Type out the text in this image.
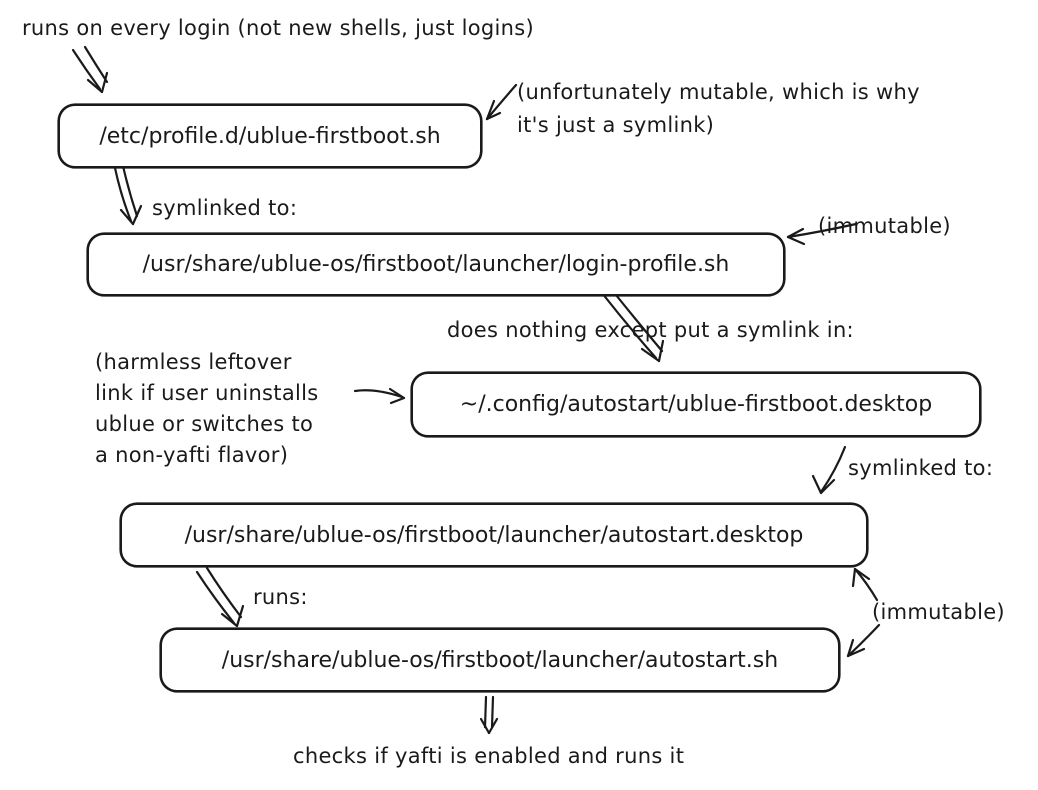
runs on every login (not new shells, just logins)
(unfortunately mutable, which is why
it's just a symlink)
symlinked to:
(immutable)
does nothing except put a symlink in:
(harmless leftover
link if user uninstalls
ublue or switches to
a non-yafti flavor)
symlinked to:
runs:
(immutable)
checks if yafti is enabled and runs it
/etc/profile.d/ublue-firstboot.sh
/usr/share/ublue-os/firstboot/launcher/login-profile.sh
~/.config/autostart/ublue-firstboot.desktop
/usr/share/ublue-os/firstboot/launcher/autostart.desktop
/usr/share/ublue-os/firstboot/launcher/autostart.sh
